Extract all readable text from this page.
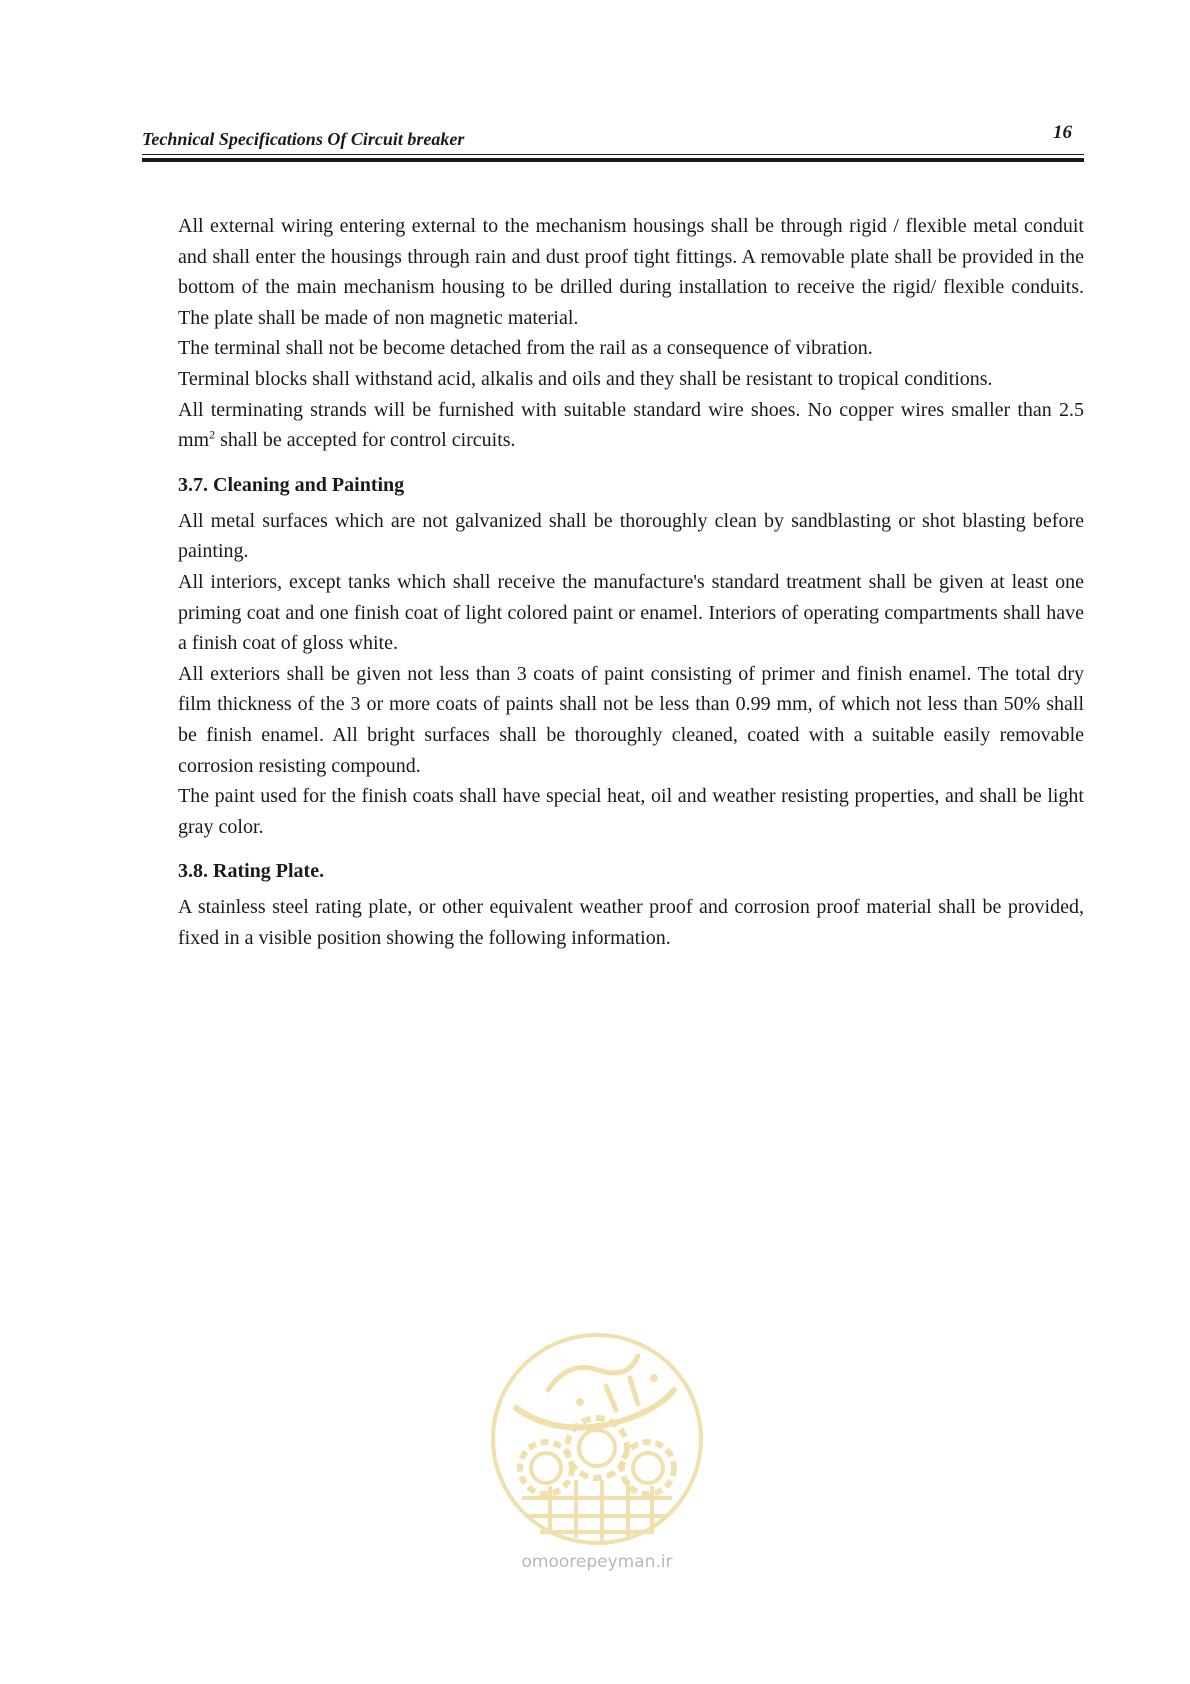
Technical Specifications Of Circuit breaker	16

All external wiring entering external to the mechanism housings shall be through rigid / flexible metal conduit and shall enter the housings through rain and dust proof tight fittings. A removable plate shall be provided in the bottom of the main mechanism housing to be drilled during installation to receive the rigid/ flexible conduits. The plate shall be made of non magnetic material.

The terminal shall not be become detached from the rail as a consequence of vibration.

Terminal blocks shall withstand acid, alkalis and oils and they shall be resistant to tropical conditions.

All terminating strands will be furnished with suitable standard wire shoes. No copper wires smaller than 2.5 $mm^2$ shall be accepted for control circuits.

3.7. Cleaning and Painting

All metal surfaces which are not galvanized shall be thoroughly clean by sandblasting or shot blasting before painting.

All interiors, except tanks which shall receive the manufacture's standard treatment shall be given at least one priming coat and one finish coat of light colored paint or enamel. Interiors of operating compartments shall have a finish coat of gloss white.

All exteriors shall be given not less than 3 coats of paint consisting of primer and finish enamel. The total dry film thickness of the 3 or more coats of paints shall not be less than 0.99 mm, of which not less than 50% shall be finish enamel. All bright surfaces shall be thoroughly cleaned, coated with a suitable easily removable corrosion resisting compound.

The paint used for the finish coats shall have special heat, oil and weather resisting properties, and shall be light gray color.

3.8. Rating Plate.

A stainless steel rating plate, or other equivalent weather proof and corrosion proof material shall be provided, fixed in a visible position showing the following information.

omoorepeyman.ir
